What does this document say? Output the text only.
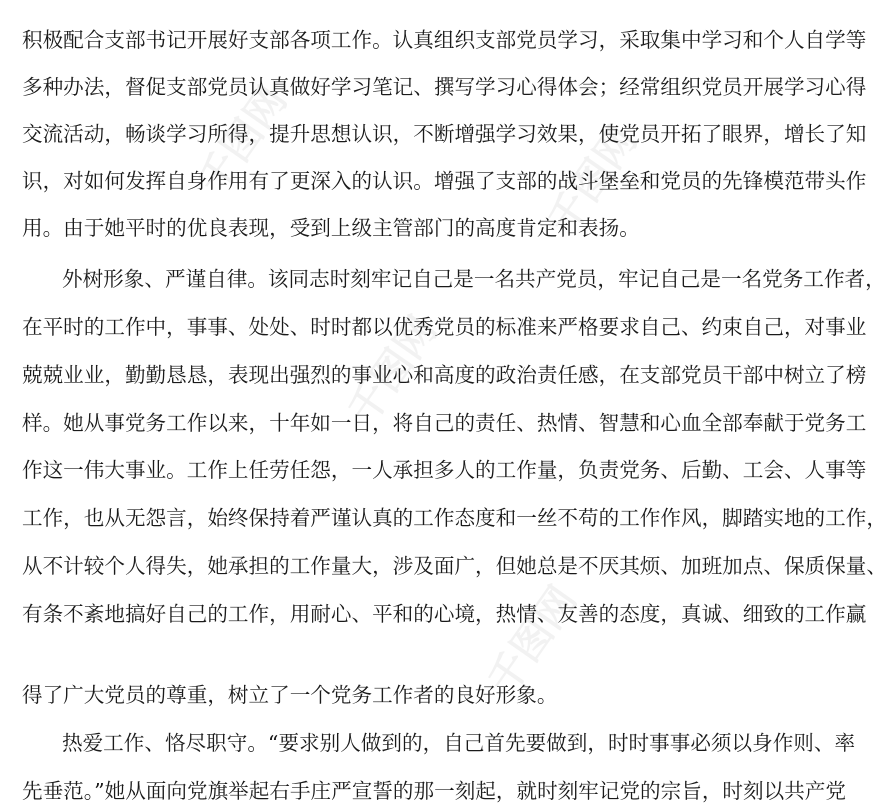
千图网	千图网
千图网
千图网
积极配合支部书记开展好支部各项工作。认真组织支部党员学习，采取集中学习和个人自学等
多种办法，督促支部党员认真做好学习笔记、撰写学习心得体会；经常组织党员开展学习心得
交流活动，畅谈学习所得，提升思想认识，不断增强学习效果，使党员开拓了眼界，增长了知
识，对如何发挥自身作用有了更深入的认识。增强了支部的战斗堡垒和党员的先锋模范带头作
用。由于她平时的优良表现，受到上级主管部门的高度肯定和表扬。
外树形象、严谨自律。该同志时刻牢记自己是一名共产党员，牢记自己是一名党务工作者，
在平时的工作中，事事、处处、时时都以优秀党员的标准来严格要求自己、约束自己，对事业
兢兢业业，勤勤恳恳，表现出强烈的事业心和高度的政治责任感，在支部党员干部中树立了榜
样。她从事党务工作以来，十年如一日，将自己的责任、热情、智慧和心血全部奉献于党务工
作这一伟大事业。工作上任劳任怨，一人承担多人的工作量，负责党务、后勤、工会、人事等
工作，也从无怨言，始终保持着严谨认真的工作态度和一丝不苟的工作作风，脚踏实地的工作，
从不计较个人得失，她承担的工作量大，涉及面广，但她总是不厌其烦、加班加点、保质保量、
有条不紊地搞好自己的工作，用耐心、平和的心境，热情、友善的态度，真诚、细致的工作赢
得了广大党员的尊重，树立了一个党务工作者的良好形象。
热爱工作、恪尽职守。“要求别人做到的，自己首先要做到，时时事事必须以身作则、率
先垂范。”她从面向党旗举起右手庄严宣誓的那一刻起，就时刻牢记党的宗旨，时刻以共产党
